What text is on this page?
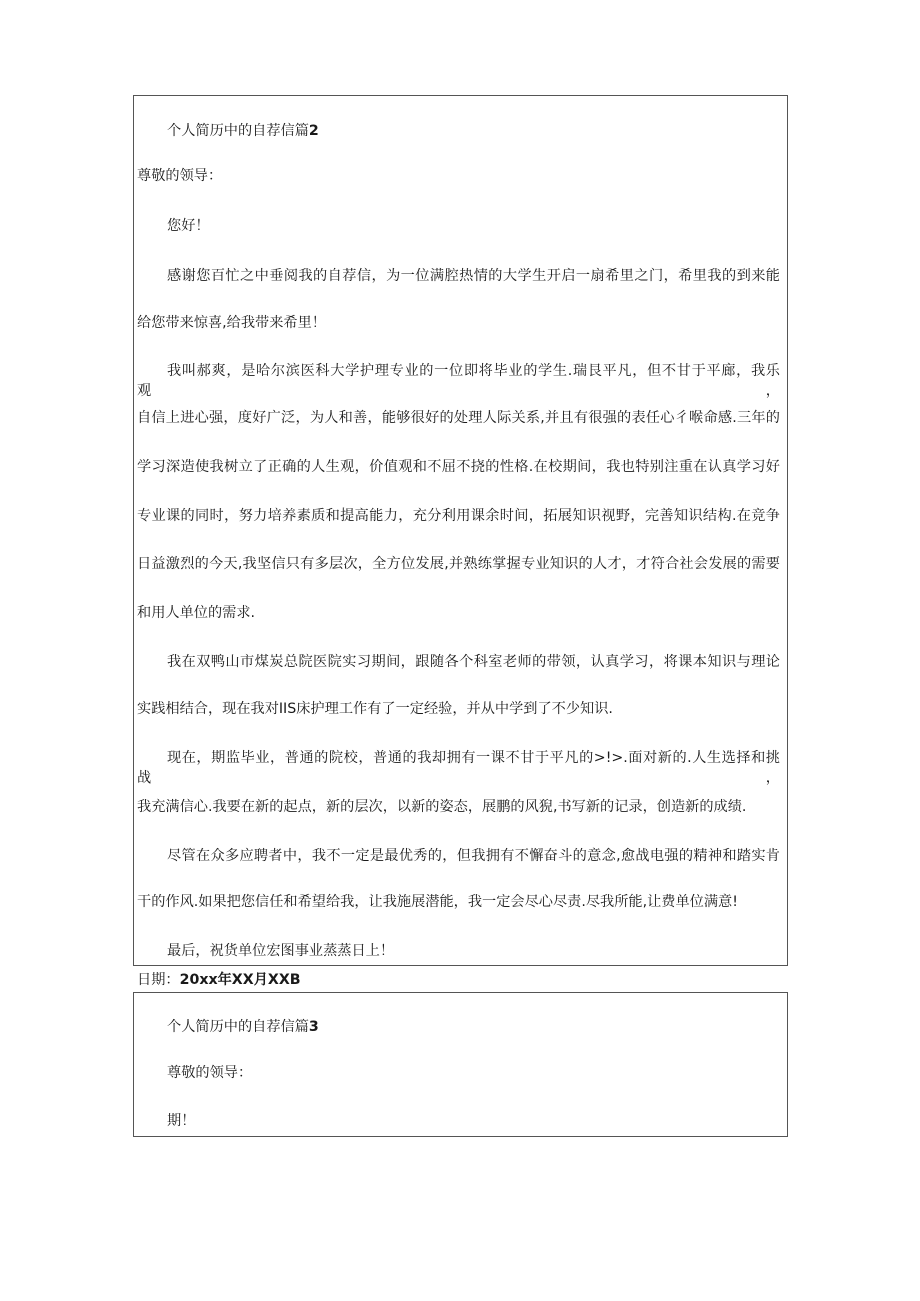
个人简历中的自荐信篇2
尊敬的领导：
您好！
感谢您百忙之中垂阅我的自荐信，为一位满腔热情的大学生开启一扇希里之门，希里我的到来能
给您带来惊喜,给我带来希里！
我叫郝爽，是哈尔滨医科大学护理专业的一位即将毕业的学生.瑞艮平凡，但不甘于平廊，我乐观，
自信上进心强，度好广泛，为人和善，能够很好的处理人际关系,并且有很强的表任心彳喉命感.三年的
学习深造使我树立了正确的人生观，价值观和不屈不挠的性格.在校期间，我也特别注重在认真学习好
专业课的同时，努力培养素质和提高能力，充分利用课余时间，拓展知识视野，完善知识结构.在竞争
日益激烈的今天,我坚信只有多层次，全方位发展,并熟练掌握专业知识的人才，才符合社会发展的需要
和用人单位的需求.
我在双鸭山市煤炭总院医院实习期间，跟随各个科室老师的带领，认真学习，将课本知识与理论
实践相结合，现在我对IIS床护理工作有了一定经验，并从中学到了不少知识.
现在，期监毕业，普通的院校，普通的我却拥有一课不甘于平凡的>!>.面对新的.人生选择和挑战，
我充满信心.我要在新的起点，新的层次，以新的姿态，展鹏的风猊,书写新的记录，创造新的成绩.
尽管在众多应聘者中，我不一定是最优秀的，但我拥有不懈奋斗的意念,愈战电强的精神和踏实肯
干的作风.如果把您信任和希望给我，让我施展潜能，我一定会尽心尽责.尽我所能,让费单位满意!
最后，祝货单位宏图事业蒸蒸日上！
日期：20xx年XX月XXB
个人简历中的自荐信篇3
尊敬的领导：
期！
